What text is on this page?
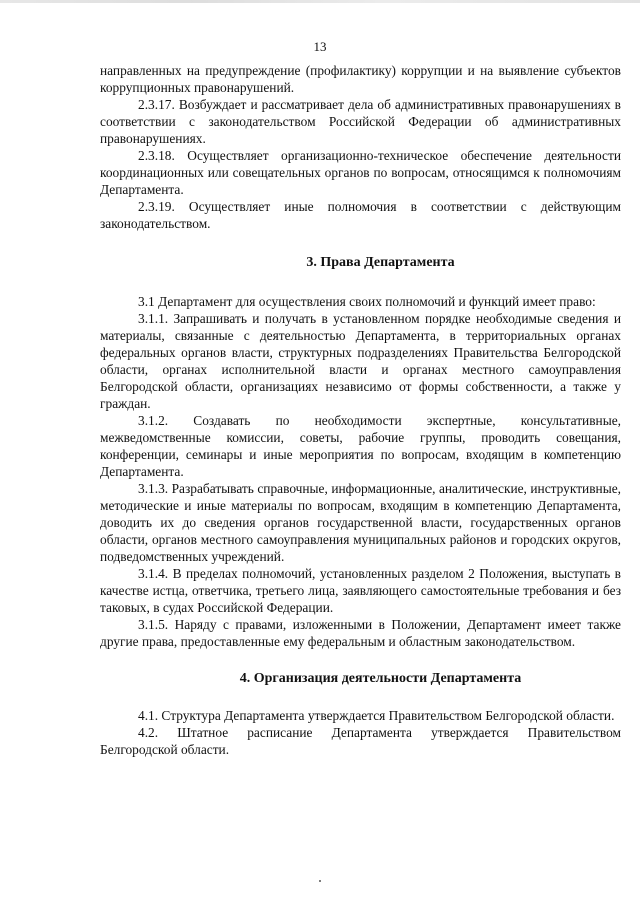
13

направленных на предупреждение (профилактику) коррупции и на выявление субъектов коррупционных правонарушений.

2.3.17. Возбуждает и рассматривает дела об административных правонарушениях в соответствии с законодательством Российской Федерации об административных правонарушениях.

2.3.18. Осуществляет организационно-техническое обеспечение деятельности координационных или совещательных органов по вопросам, относящимся к полномочиям Департамента.

2.3.19. Осуществляет иные полномочия в соответствии с действующим законодательством.

3. Права Департамента

3.1 Департамент для осуществления своих полномочий и функций имеет право:

3.1.1. Запрашивать и получать в установленном порядке необходимые сведения и материалы, связанные с деятельностью Департамента, в территориальных органах федеральных органов власти, структурных подразделениях Правительства Белгородской области, органах исполнительной власти и органах местного самоуправления Белгородской области, организациях независимо от формы собственности, а также у граждан.

3.1.2. Создавать по необходимости экспертные, консультативные, межведомственные комиссии, советы, рабочие группы, проводить совещания, конференции, семинары и иные мероприятия по вопросам, входящим в компетенцию Департамента.

3.1.3. Разрабатывать справочные, информационные, аналитические, инструктивные, методические и иные материалы по вопросам, входящим в компетенцию Департамента, доводить их до сведения органов государственной власти, государственных органов области, органов местного самоуправления муниципальных районов и городских округов, подведомственных учреждений.

3.1.4. В пределах полномочий, установленных разделом 2 Положения, выступать в качестве истца, ответчика, третьего лица, заявляющего самостоятельные требования и без таковых, в судах Российской Федерации.

3.1.5. Наряду с правами, изложенными в Положении, Департамент имеет также другие права, предоставленные ему федеральным и областным законодательством.

4. Организация деятельности Департамента

4.1. Структура Департамента утверждается Правительством Белгородской области.

4.2. Штатное расписание Департамента утверждается Правительством Белгородской области.
